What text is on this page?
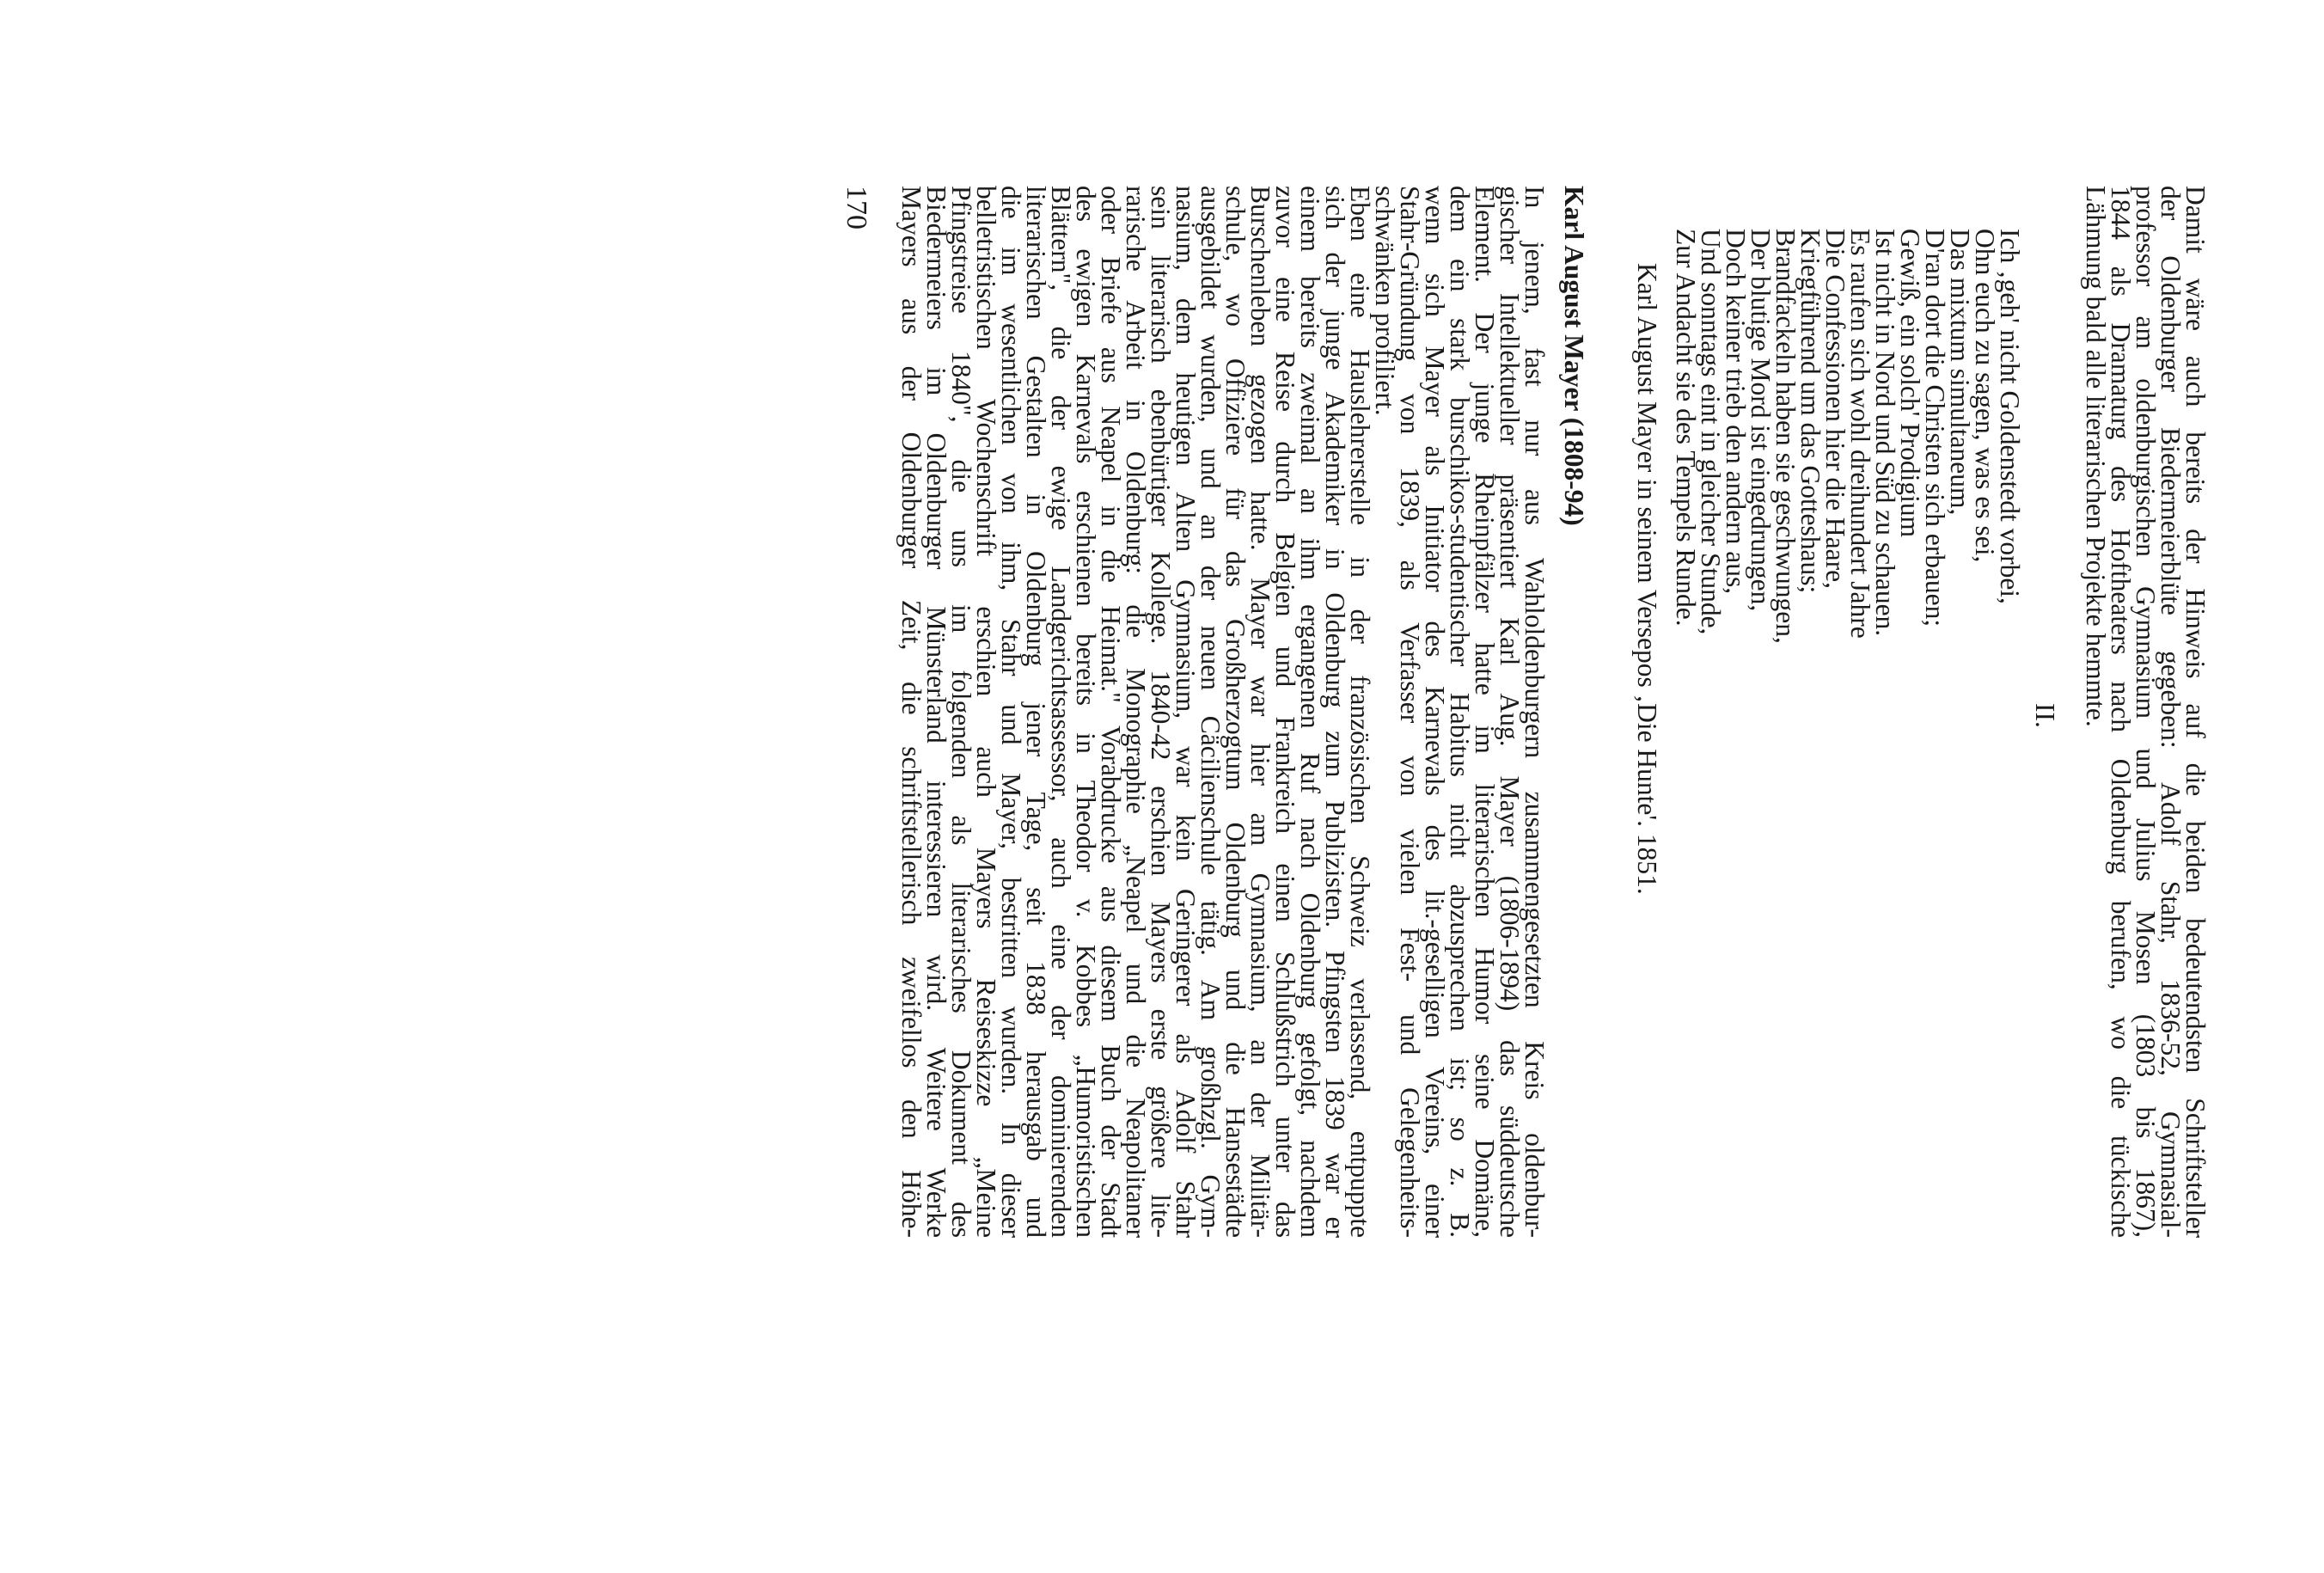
Damit wäre auch bereits der Hinweis auf die beiden bedeutendsten Schriftsteller
der Oldenburger Biedermeierblüte gegeben: Adolf Stahr, 1836-52, Gymnasial-
professor am oldenburgischen Gymnasium und Julius Mosen (1803 bis 1867),
1844 als Dramaturg des Hoftheaters nach Oldenburg berufen, wo die tückische
Lähmung bald alle literarischen Projekte hemmte.
II.
Ich ‚geh' nicht Goldenstedt vorbei,
Ohn euch zu sagen, was es sei,
Das mixtum simultaneum,
D'ran dort die Christen sich erbauen;
Gewiß, ein solch' Prodigium
Ist nicht in Nord und Süd zu schauen.
Es raufen sich wohl dreihundert Jahre
Die Confessionen hier die Haare,
Kriegführend um das Gotteshaus;
Brandfackeln haben sie geschwungen,
Der blutige Mord ist eingedrungen,
Doch keiner trieb den andern aus,
Und sonntags eint in gleicher Stunde,
Zur Andacht sie des Tempels Runde.
Karl August Mayer in seinem Versepos ‚Die Hunte'. 1851.
Karl August Mayer (1808-94)
In jenem, fast nur aus Wahloldenburgern zusammengesetzten Kreis oldenbur-
gischer Intellektueller präsentiert Karl Aug. Mayer (1806-1894) das süddeutsche
Element. Der junge Rheinpfälzer hatte im literarischen Humor seine Domäne,
dem ein stark burschikos-studentischer Habitus nicht abzusprechen ist; so z. B.
wenn sich Mayer als Initiator des Karnevals des lit.-geselligen Vereins, einer
Stahr-Gründung von 1839, als Verfasser von vielen Fest- und Gelegenheits-
schwänken profiliert.
Eben eine Hauslehrerstelle in der französischen Schweiz verlassend, entpuppte
sich der junge Akademiker in Oldenburg zum Publizisten. Pfingsten 1839 war er
einem bereits zweimal an ihm ergangenen Ruf nach Oldenburg gefolgt, nachdem
zuvor eine Reise durch Belgien und Frankreich einen Schlußstrich unter das
Burschenleben gezogen hatte. Mayer war hier am Gymnasium, an der Militär-
schule, wo Offiziere für das Großherzogtum Oldenburg und die Hansestädte
ausgebildet wurden, und an der neuen Cäcilienschule tätig. Am großhzgl. Gym-
nasium, dem heutigen Alten Gymnasium, war kein Geringerer als Adolf Stahr
sein literarisch ebenbürtiger Kollege. 1840-42 erschien Mayers erste größere lite-
rarische Arbeit in Oldenburg: die Monographie „Neapel und die Neapolitaner
oder Briefe aus Neapel in die Heimat." Vorabdrucke aus diesem Buch der Stadt
des ewigen Karnevals erschienen bereits in Theodor v. Kobbes „Humoristischen
Blättern", die der ewige Landgerichtsassessor, auch eine der dominierenden
literarischen Gestalten in Oldenburg jener Tage, seit 1838 herausgab und
die im wesentlichen von ihm, Stahr und Mayer, bestritten wurden. In dieser
belletristischen Wochenschrift erschien auch Mayers Reiseskizze „Meine
Pfingstreise 1840", die uns im folgenden als literarisches Dokument des
Biedermeiers im Oldenburger Münsterland interessieren wird. Weitere Werke
Mayers aus der Oldenburger Zeit, die schriftstellerisch zweifellos den Höhe-
170
